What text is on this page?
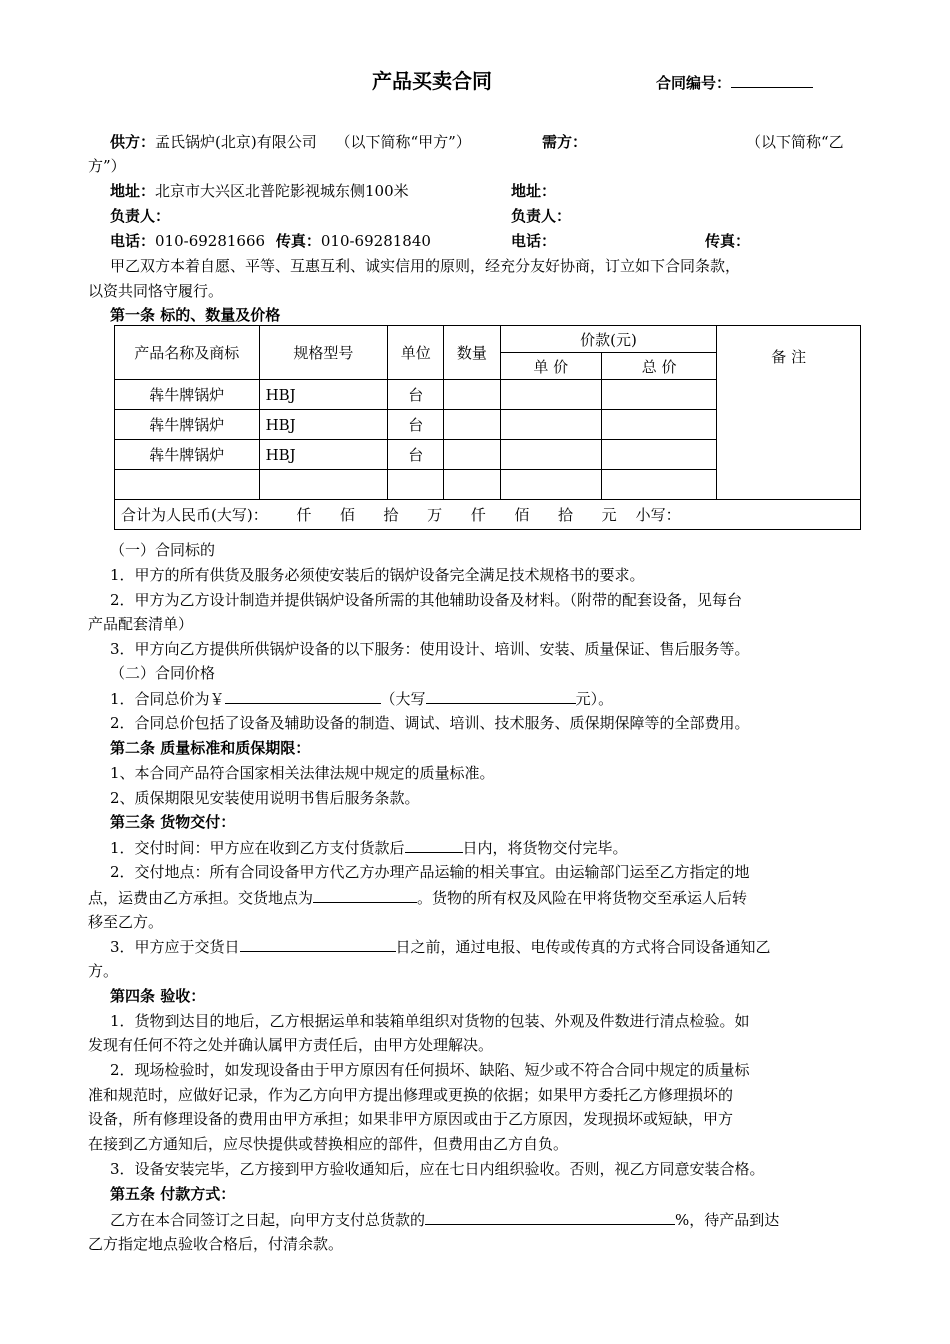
产品买卖合同	合同编号：
供方：孟氏锅炉(北京)有限公司 （以下简称“甲方”）	需方：	（以下简称“乙
方”）
地址：北京市大兴区北普陀影视城东侧100米	地址：
负责人：	负责人：
电话：010-69281666 传真：010-69281840	电话：	传真：
甲乙双方本着自愿、平等、互惠互利、诚实信用的原则，经充分友好协商，订立如下合同条款，
以资共同恪守履行。
第一条 标的、数量及价格
产品名称及商标	规格型号	单位	数量	价款(元)		备 注
				单 价	总 价	
犇牛牌锅炉	HBJ	台				
犇牛牌锅炉	HBJ	台				
犇牛牌锅炉	HBJ	台				

合计为人民币(大写)：      仟      佰      拾      万      仟      佰      拾      元    小写：						
（一）合同标的
1．甲方的所有供货及服务必须使安装后的锅炉设备完全满足技术规格书的要求。
2．甲方为乙方设计制造并提供锅炉设备所需的其他辅助设备及材料。（附带的配套设备，见每台
产品配套清单）
3．甲方向乙方提供所供锅炉设备的以下服务：使用设计、培训、安装、质量保证、售后服务等。
（二）合同价格
1．合同总价为￥	（大写	元）。
2．合同总价包括了设备及辅助设备的制造、调试、培训、技术服务、质保期保障等的全部费用。
第二条 质量标准和质保期限：
1、本合同产品符合国家相关法律法规中规定的质量标准。
2、质保期限见安装使用说明书售后服务条款。
第三条 货物交付：
1．交付时间：甲方应在收到乙方支付货款后	日内，将货物交付完毕。
2．交付地点：所有合同设备甲方代乙方办理产品运输的相关事宜。由运输部门运至乙方指定的地
点，运费由乙方承担。交货地点为	。货物的所有权及风险在甲将货物交至承运人后转
移至乙方。
3．甲方应于交货日	日之前，通过电报、电传或传真的方式将合同设备通知乙
方。
第四条 验收：
1．货物到达目的地后，乙方根据运单和装箱单组织对货物的包装、外观及件数进行清点检验。如
发现有任何不符之处并确认属甲方责任后，由甲方处理解决。
2．现场检验时，如发现设备由于甲方原因有任何损坏、缺陷、短少或不符合合同中规定的质量标
准和规范时，应做好记录，作为乙方向甲方提出修理或更换的依据；如果甲方委托乙方修理损坏的
设备，所有修理设备的费用由甲方承担；如果非甲方原因或由于乙方原因，发现损坏或短缺，甲方
在接到乙方通知后，应尽快提供或替换相应的部件，但费用由乙方自负。
3．设备安装完毕，乙方接到甲方验收通知后，应在七日内组织验收。否则，视乙方同意安装合格。
第五条 付款方式：
乙方在本合同签订之日起，向甲方支付总货款的	%，待产品到达
乙方指定地点验收合格后，付清余款。
